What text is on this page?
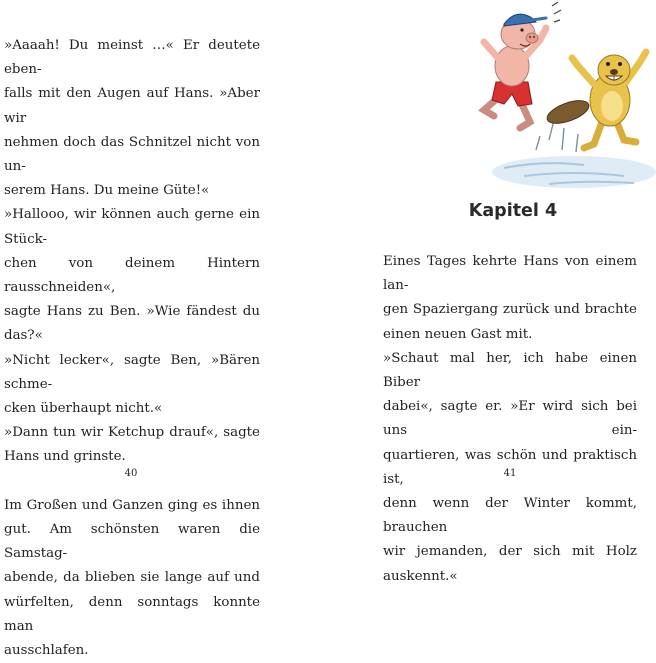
»Aaaah! Du meinst …« Er deutete eben-
falls mit den Augen auf Hans. »Aber wir
nehmen doch das Schnitzel nicht von un-
serem Hans. Du meine Güte!«
»Hallooo, wir können auch gerne ein Stück-
chen von deinem Hintern rausschneiden«,
sagte Hans zu Ben. »Wie fändest du das?«
»Nicht lecker«, sagte Ben, »Bären schme-
cken überhaupt nicht.«
»Dann tun wir Ketchup drauf«, sagte
Hans und grinste.
Im Großen und Ganzen ging es ihnen
gut. Am schönsten waren die Samstag-
abende, da blieben sie lange auf und
würfelten, denn sonntags konnte man
ausschlafen.
40
Kapitel 4
Eines Tages kehrte Hans von einem lan-
gen Spaziergang zurück und brachte
einen neuen Gast mit.
»Schaut mal her, ich habe einen Biber
dabei«, sagte er. »Er wird sich bei uns ein-
quartieren, was schön und praktisch ist,
denn wenn der Winter kommt, brauchen
wir jemanden, der sich mit Holz auskennt.«
41
